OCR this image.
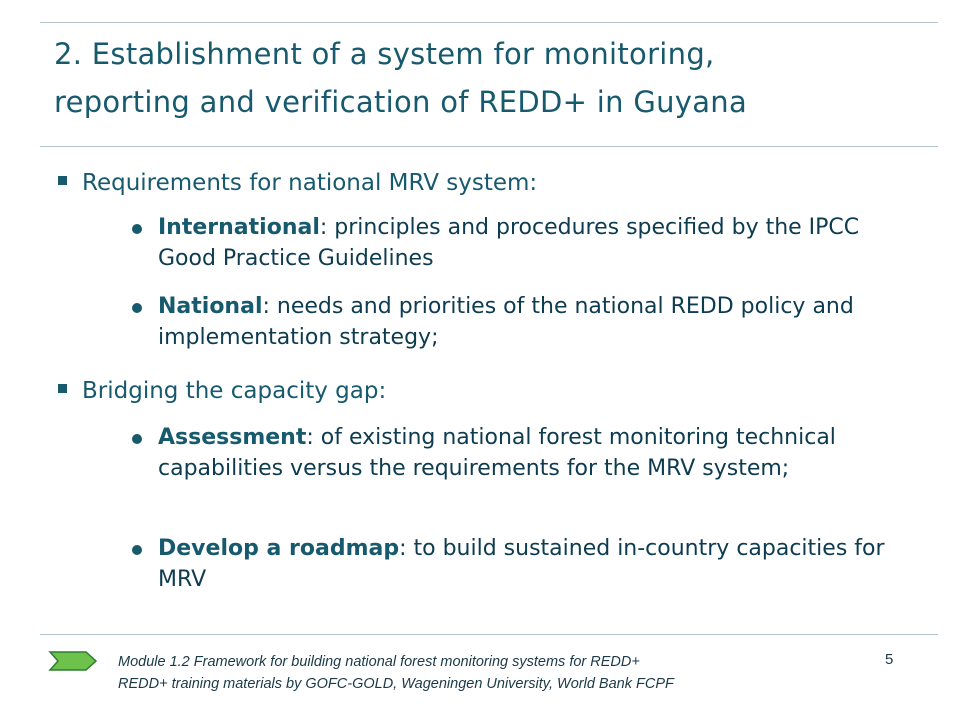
2. Establishment of a system for monitoring,
reporting and verification of REDD+ in Guyana
Requirements for national MRV system:
International: principles and procedures specified by the IPCC Good Practice Guidelines
National: needs and priorities of the national REDD policy and implementation strategy;
Bridging the capacity gap:
Assessment: of existing national forest monitoring technical capabilities versus the requirements for the MRV system;
Develop a roadmap: to build sustained in-country capacities for MRV
Module 1.2 Framework for building national forest monitoring systems for REDD+
REDD+ training materials by GOFC-GOLD, Wageningen University, World Bank FCPF
5
